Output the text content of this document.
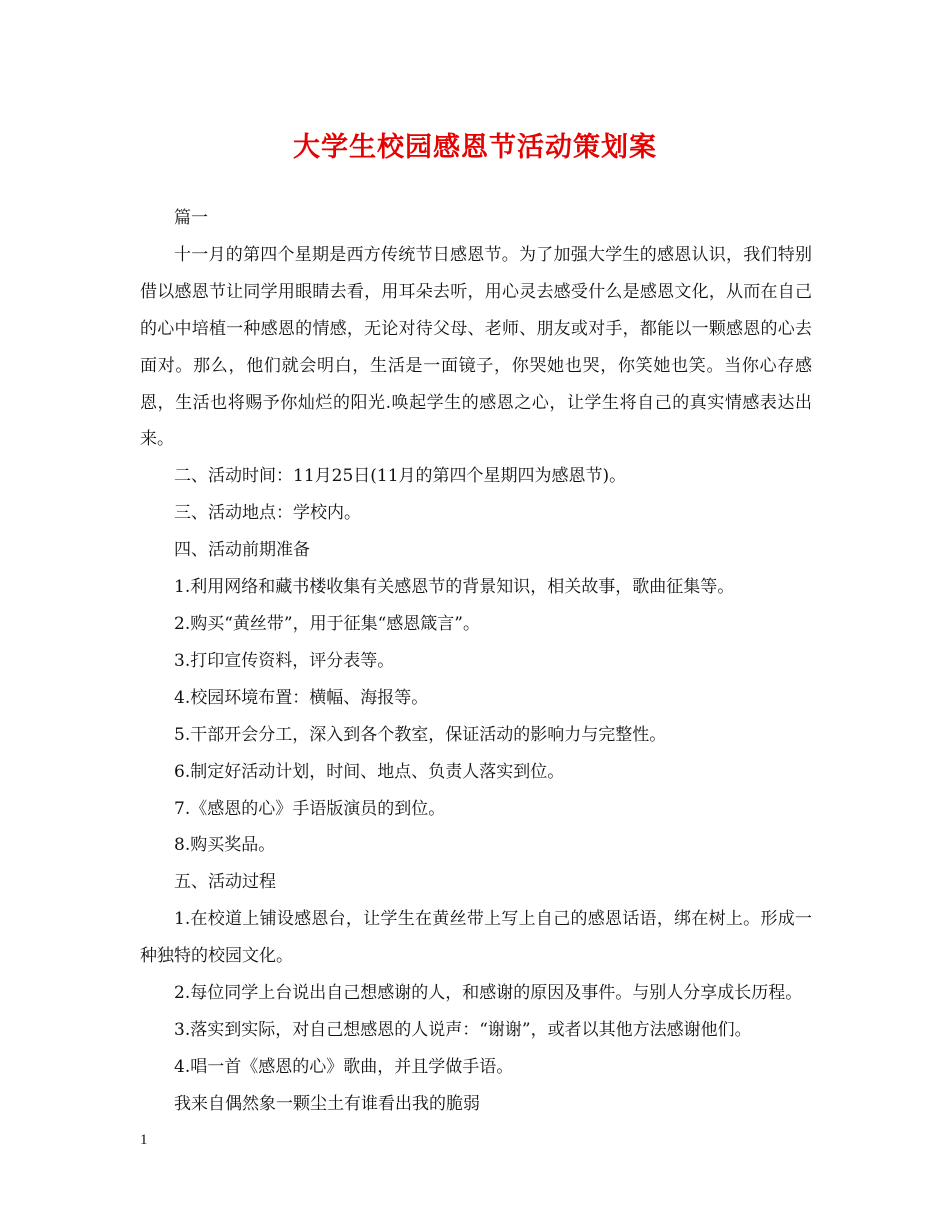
大学生校园感恩节活动策划案

篇一

十一月的第四个星期是西方传统节日感恩节。为了加强大学生的感恩认识，我们特别借以感恩节让同学用眼睛去看，用耳朵去听，用心灵去感受什么是感恩文化，从而在自己的心中培植一种感恩的情感，无论对待父母、老师、朋友或对手，都能以一颗感恩的心去面对。那么，他们就会明白，生活是一面镜子，你哭她也哭，你笑她也笑。当你心存感恩，生活也将赐予你灿烂的阳光.唤起学生的感恩之心，让学生将自己的真实情感表达出来。

二、活动时间：11月25日(11月的第四个星期四为感恩节)。

三、活动地点：学校内。

四、活动前期准备

1.利用网络和藏书楼收集有关感恩节的背景知识，相关故事，歌曲征集等。

2.购买“黄丝带”，用于征集“感恩箴言”。

3.打印宣传资料，评分表等。

4.校园环境布置：横幅、海报等。

5.干部开会分工，深入到各个教室，保证活动的影响力与完整性。

6.制定好活动计划，时间、地点、负责人落实到位。

7.《感恩的心》手语版演员的到位。

8.购买奖品。

五、活动过程

1.在校道上铺设感恩台，让学生在黄丝带上写上自己的感恩话语，绑在树上。形成一种独特的校园文化。

2.每位同学上台说出自己想感谢的人，和感谢的原因及事件。与别人分享成长历程。

3.落实到实际，对自己想感恩的人说声：“谢谢”，或者以其他方法感谢他们。

4.唱一首《感恩的心》歌曲，并且学做手语。

我来自偶然象一颗尘土有谁看出我的脆弱

1
